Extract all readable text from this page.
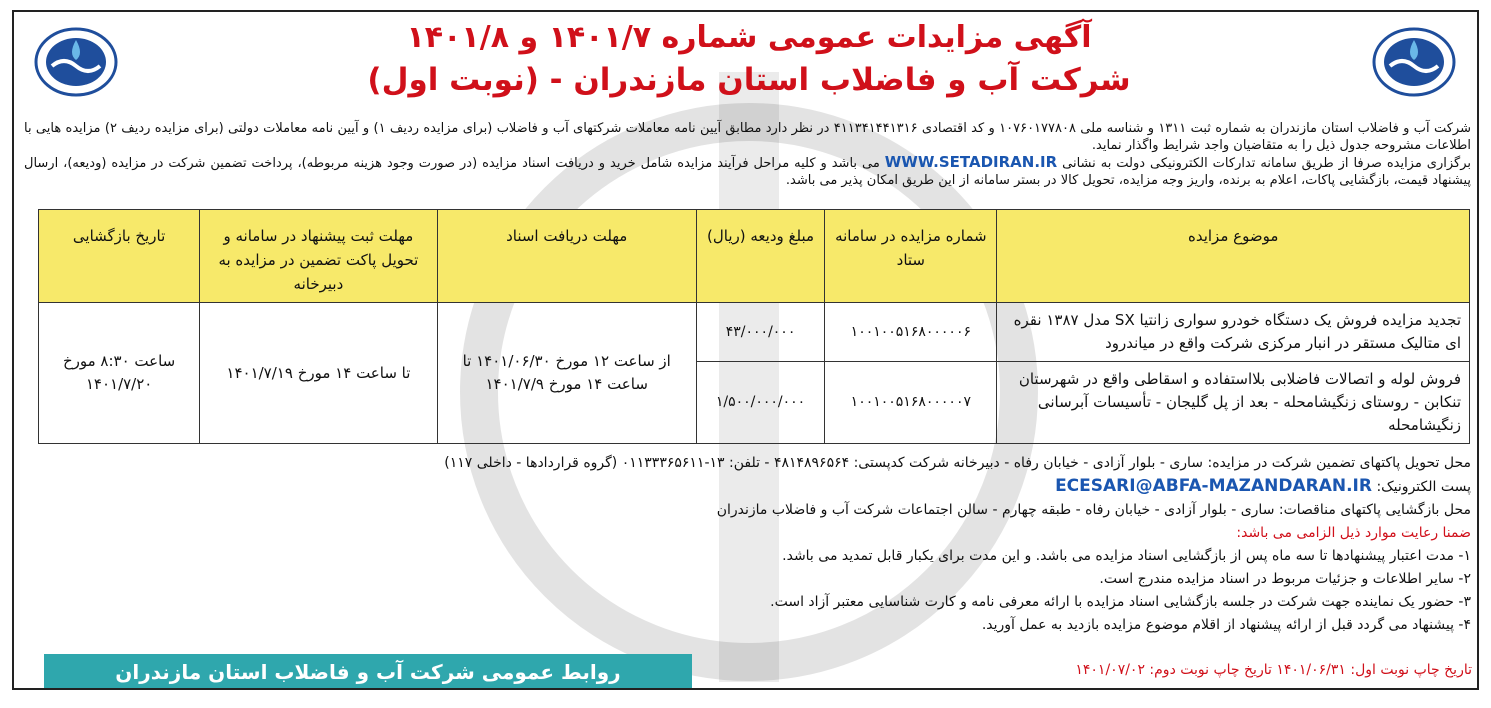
آگهی مزایدات عمومی شماره ۱۴۰۱/۷ و ۱۴۰۱/۸
شرکت آب و فاضلاب استان مازندران - (نوبت اول)

شرکت آب و فاضلاب استان مازندران به شماره ثبت ۱۳۱۱ و شناسه ملی ۱۰۷۶۰۱۷۷۸۰۸ و کد اقتصادی ۴۱۱۳۴۱۴۴۱۳۱۶ در نظر دارد مطابق آیین نامه معاملات شرکتهای آب و فاضلاب (برای مزایده ردیف ۱) و آیین نامه معاملات دولتی (برای مزایده ردیف ۲) مزایده هایی با اطلاعات مشروحه جدول ذیل را به متقاضیان واجد شرایط واگذار نماید.

برگزاری مزایده صرفا از طریق سامانه تدارکات الکترونیکی دولت به نشانی WWW.SETADIRAN.IR می باشد و کلیه مراحل فرآیند مزایده شامل خرید و دریافت اسناد مزایده (در صورت وجود هزینه مربوطه)، پرداخت تضمین شرکت در مزایده (ودیعه)، ارسال پیشنهاد قیمت، بازگشایی پاکات، اعلام به برنده، واریز وجه مزایده، تحویل کالا در بستر سامانه از این طریق امکان پذیر می باشد.

موضوع مزایده	شماره مزایده در سامانه ستاد	مبلغ ودیعه (ریال)	مهلت دریافت اسناد	مهلت ثبت پیشنهاد در سامانه و تحویل پاکت تضمین در مزایده به دبیرخانه	تاریخ بازگشایی
تجدید مزایده فروش یک دستگاه خودرو سواری زانتیا SX مدل ۱۳۸۷ نقره ای متالیک مستقر در انبار مرکزی شرکت واقع در میاندرود	۱۰۰۱۰۰۵۱۶۸۰۰۰۰۰۶	۴۳/۰۰۰/۰۰۰	از ساعت ۱۲ مورخ ۱۴۰۱/۰۶/۳۰ تا ساعت ۱۴ مورخ ۱۴۰۱/۷/۹	تا ساعت ۱۴ مورخ ۱۴۰۱/۷/۱۹	ساعت ۸:۳۰ مورخ ۱۴۰۱/۷/۲۰
فروش لوله و اتصالات فاضلابی بلااستفاده و اسقاطی واقع در شهرستان تنکابن - روستای زنگیشامحله - بعد از پل گلیجان - تأسیسات آبرسانی زنگیشامحله	۱۰۰۱۰۰۵۱۶۸۰۰۰۰۰۷	۱/۵۰۰/۰۰۰/۰۰۰			

محل تحویل پاکتهای تضمین شرکت در مزایده: ساری - بلوار آزادی - خیابان رفاه - دبیرخانه شرکت کدپستی: ۴۸۱۴۸۹۶۵۶۴ - تلفن: ۱۳-۰۱۱۳۳۳۶۵۶۱۱ (گروه قراردادها - داخلی ۱۱۷)

پست الکترونیک: ECESARI@ABFA-MAZANDARAN.IR

محل بازگشایی پاکتهای مناقصات: ساری - بلوار آزادی - خیابان رفاه - طبقه چهارم - سالن اجتماعات شرکت آب و فاضلاب مازندران

ضمنا رعایت موارد ذیل الزامی می باشد:

۱- مدت اعتبار پیشنهادها تا سه ماه پس از بازگشایی اسناد مزایده می باشد. و این مدت برای یکبار قابل تمدید می باشد.

۲- سایر اطلاعات و جزئیات مربوط در اسناد مزایده مندرج است.

۳- حضور یک نماینده جهت شرکت در جلسه بازگشایی اسناد مزایده با ارائه معرفی نامه و کارت شناسایی معتبر آزاد است.

۴- پیشنهاد می گردد قبل از ارائه پیشنهاد از اقلام موضوع مزایده بازدید به عمل آورید.

روابط عمومی شرکت آب و فاضلاب استان مازندران	تاریخ چاپ نوبت اول: ۱۴۰۱/۰۶/۳۱ تاریخ چاپ نوبت دوم: ۱۴۰۱/۰۷/۰۲
